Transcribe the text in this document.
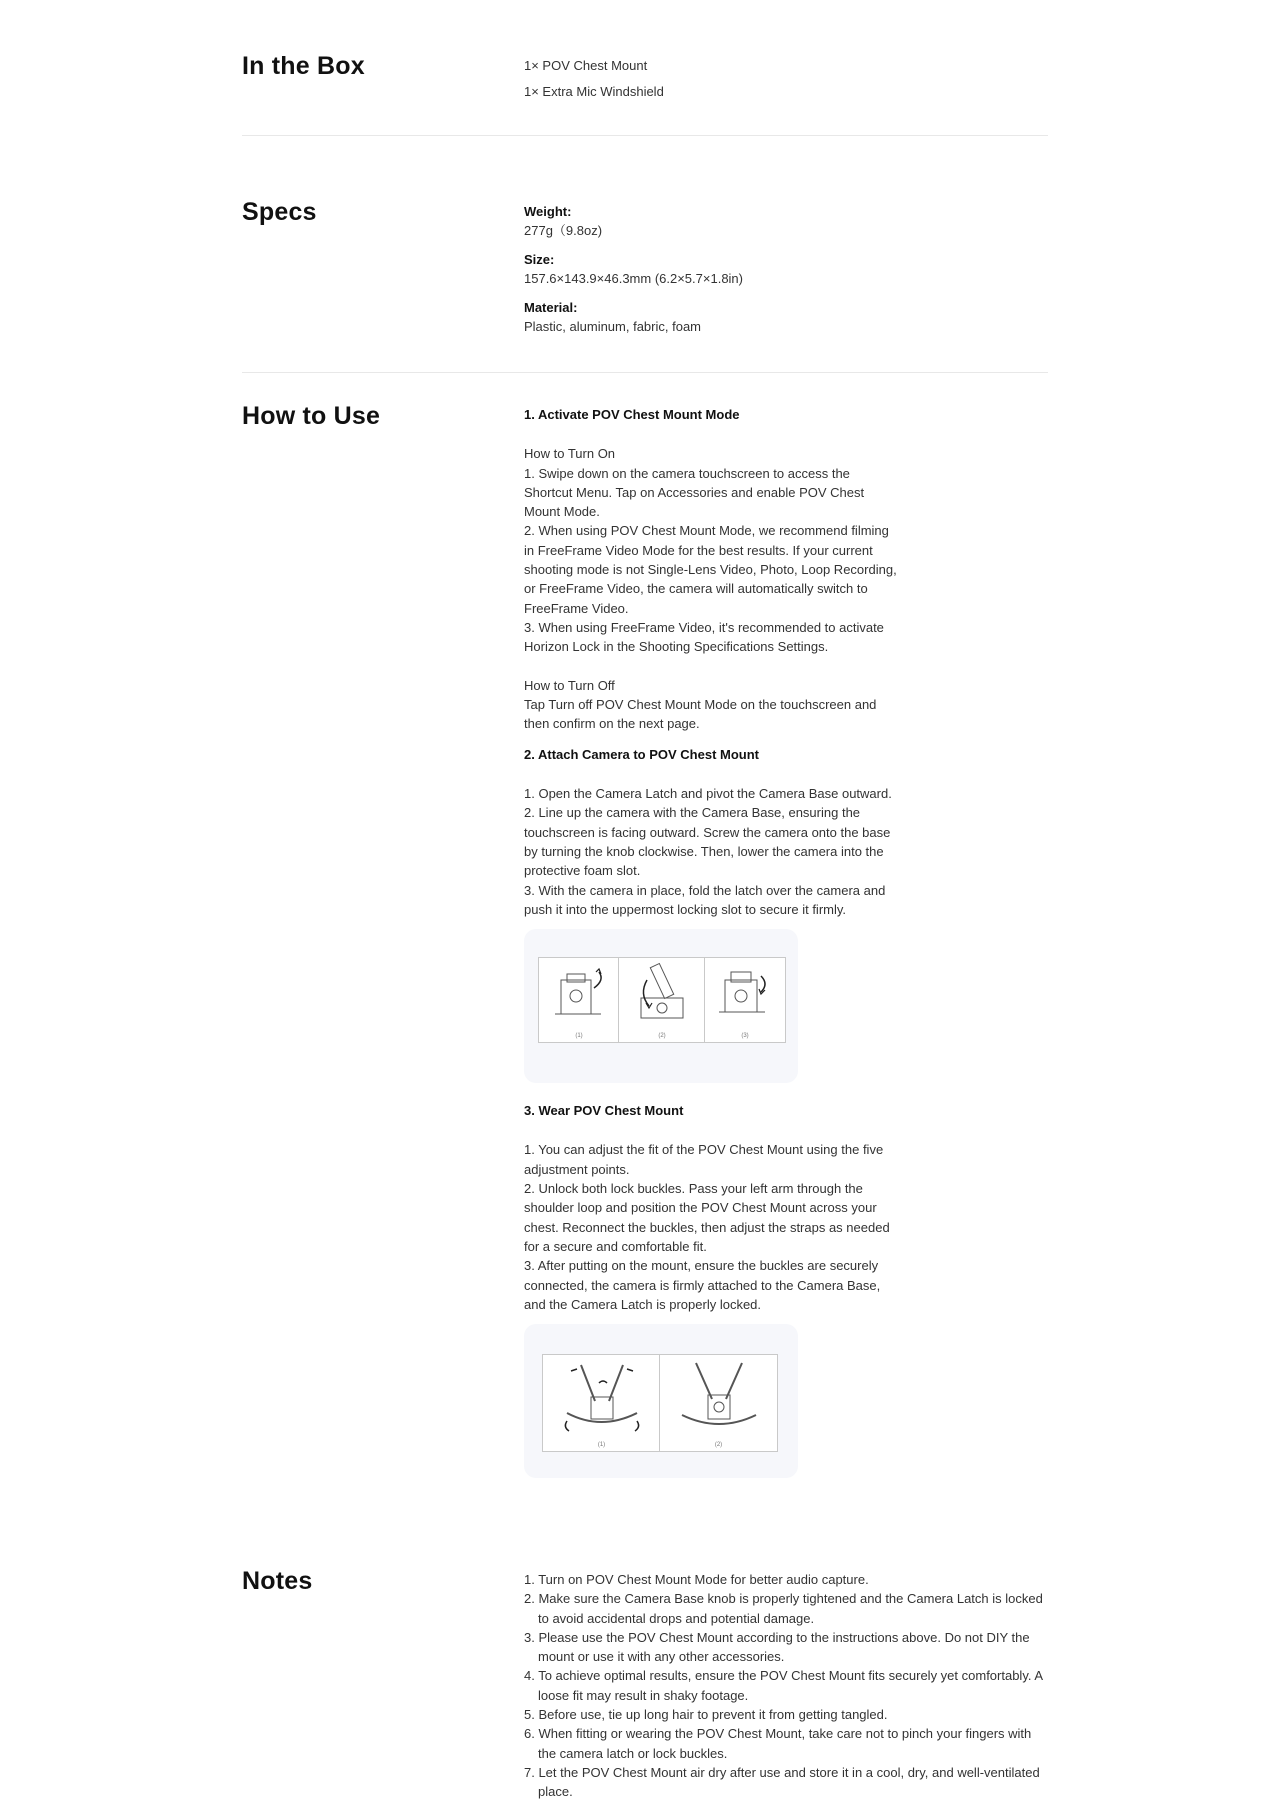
In the Box	1× POV Chest Mount

1× Extra Mic Windshield

Specs	Weight:

277g（9.8oz)

Size:

157.6×143.9×46.3mm (6.2×5.7×1.8in)

Material:

Plastic, aluminum, fabric, foam

How to Use	1. Activate POV Chest Mount Mode

How to Turn On

1. Swipe down on the camera touchscreen to access the

Shortcut Menu. Tap on Accessories and enable POV Chest

Mount Mode.

2. When using POV Chest Mount Mode, we recommend filming

in FreeFrame Video Mode for the best results. If your current

shooting mode is not Single-Lens Video, Photo, Loop Recording,

or FreeFrame Video, the camera will automatically switch to

FreeFrame Video.

3. When using FreeFrame Video, it's recommended to activate

Horizon Lock in the Shooting Specifications Settings.

How to Turn Off

Tap Turn off POV Chest Mount Mode on the touchscreen and

then confirm on the next page.

2. Attach Camera to POV Chest Mount

1. Open the Camera Latch and pivot the Camera Base outward.

2. Line up the camera with the Camera Base, ensuring the

touchscreen is facing outward. Screw the camera onto the base

by turning the knob clockwise. Then, lower the camera into the

protective foam slot.

3. With the camera in place, fold the latch over the camera and

push it into the uppermost locking slot to secure it firmly.

(1)	(2)	(3)

3. Wear POV Chest Mount

1. You can adjust the fit of the POV Chest Mount using the five

adjustment points.

2. Unlock both lock buckles. Pass your left arm through the

shoulder loop and position the POV Chest Mount across your

chest. Reconnect the buckles, then adjust the straps as needed

for a secure and comfortable fit.

3. After putting on the mount, ensure the buckles are securely

connected, the camera is firmly attached to the Camera Base,

and the Camera Latch is properly locked.

(1)	(2)
Notes	1. Turn on POV Chest Mount Mode for better audio capture.

2. Make sure the Camera Base knob is properly tightened and the Camera Latch is locked to avoid accidental drops and potential damage.

3. Please use the POV Chest Mount according to the instructions above. Do not DIY the mount or use it with any other accessories.

4. To achieve optimal results, ensure the POV Chest Mount fits securely yet comfortably. A loose fit may result in shaky footage.

5. Before use, tie up long hair to prevent it from getting tangled.

6. When fitting or wearing the POV Chest Mount, take care not to pinch your fingers with the camera latch or lock buckles.

7. Let the POV Chest Mount air dry after use and store it in a cool, dry, and well-ventilated place.
